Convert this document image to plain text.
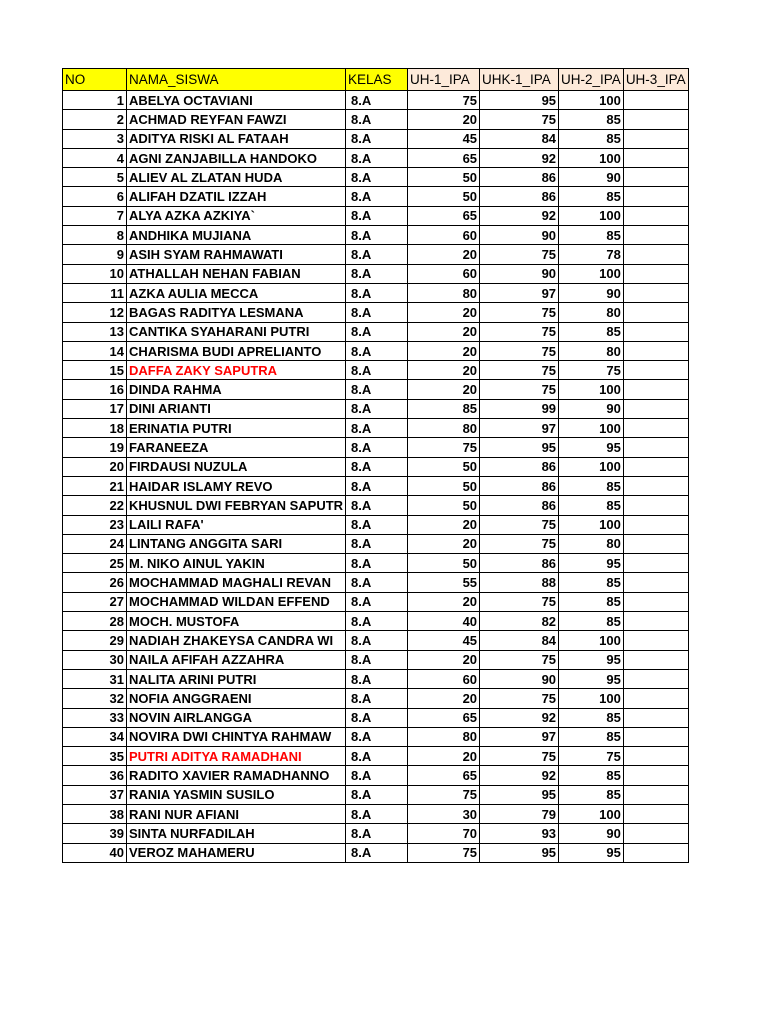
NO	NAMA_SISWA	KELAS	UH-1_IPA	UHK-1_IPA	UH-2_IPA	UH-3_IPA
1	ABELYA OCTAVIANI	8.A	75	95	100	
2	ACHMAD REYFAN FAWZI	8.A	20	75	85	
3	ADITYA RISKI AL FATAAH	8.A	45	84	85	
4	AGNI ZANJABILLA HANDOKO	8.A	65	92	100	
5	ALIEV AL ZLATAN HUDA	8.A	50	86	90	
6	ALIFAH DZATIL IZZAH	8.A	50	86	85	
7	ALYA AZKA AZKIYA`	8.A	65	92	100	
8	ANDHIKA MUJIANA	8.A	60	90	85	
9	ASIH SYAM RAHMAWATI	8.A	20	75	78	
10	ATHALLAH NEHAN FABIAN	8.A	60	90	100	
11	AZKA AULIA MECCA	8.A	80	97	90	
12	BAGAS RADITYA LESMANA	8.A	20	75	80	
13	CANTIKA SYAHARANI PUTRI	8.A	20	75	85	
14	CHARISMA BUDI APRELIANTO	8.A	20	75	80	
15	DAFFA ZAKY SAPUTRA	8.A	20	75	75	
16	DINDA RAHMA	8.A	20	75	100	
17	DINI ARIANTI	8.A	85	99	90	
18	ERINATIA PUTRI	8.A	80	97	100	
19	FARANEEZA	8.A	75	95	95	
20	FIRDAUSI NUZULA	8.A	50	86	100	
21	HAIDAR ISLAMY REVO	8.A	50	86	85	
22	KHUSNUL DWI FEBRYAN SAPUTR	8.A	50	86	85	
23	LAILI RAFA'	8.A	20	75	100	
24	LINTANG ANGGITA SARI	8.A	20	75	80	
25	M. NIKO AINUL YAKIN	8.A	50	86	95	
26	MOCHAMMAD MAGHALI REVAN	8.A	55	88	85	
27	MOCHAMMAD WILDAN EFFEND	8.A	20	75	85	
28	MOCH. MUSTOFA	8.A	40	82	85	
29	NADIAH ZHAKEYSA CANDRA WI	8.A	45	84	100	
30	NAILA AFIFAH AZZAHRA	8.A	20	75	95	
31	NALITA ARINI PUTRI	8.A	60	90	95	
32	NOFIA ANGGRAENI	8.A	20	75	100	
33	NOVIN AIRLANGGA	8.A	65	92	85	
34	NOVIRA DWI CHINTYA RAHMAW	8.A	80	97	85	
35	PUTRI ADITYA RAMADHANI	8.A	20	75	75	
36	RADITO XAVIER RAMADHANNO	8.A	65	92	85	
37	RANIA YASMIN SUSILO	8.A	75	95	85	
38	RANI NUR AFIANI	8.A	30	79	100	
39	SINTA NURFADILAH	8.A	70	93	90	
40	VEROZ MAHAMERU	8.A	75	95	95	
